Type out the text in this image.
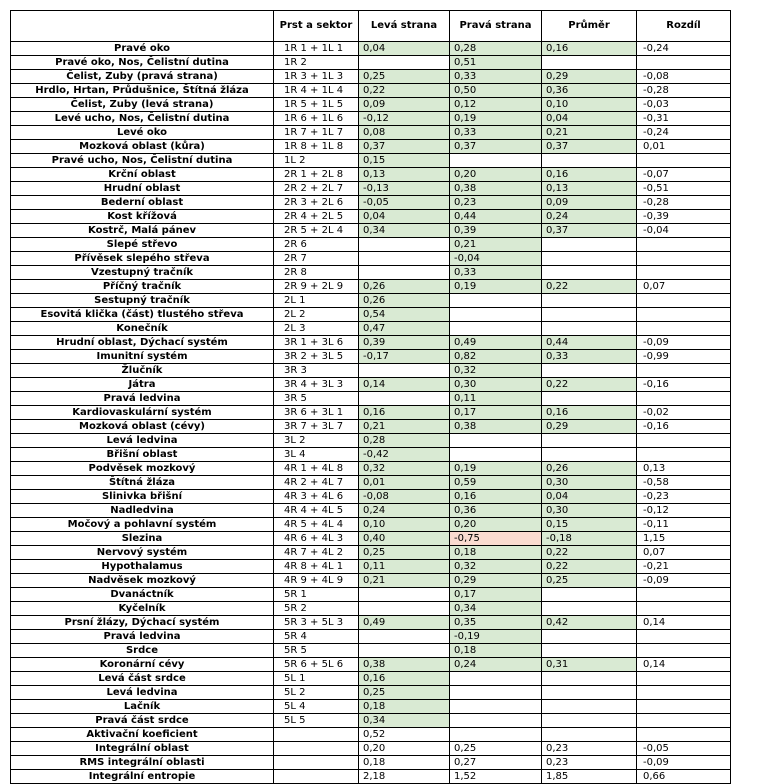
	Prst a sektor	Levá strana	Pravá strana	Průměr	Rozdíl
Pravé oko	1R 1 + 1L 1	0,04	0,28	0,16	-0,24
Pravé oko, Nos, Čelistní dutina	1R 2		0,51		
Čelist, Zuby (pravá strana)	1R 3 + 1L 3	0,25	0,33	0,29	-0,08
Hrdlo, Hrtan, Průdušnice, Štítná žláza	1R 4 + 1L 4	0,22	0,50	0,36	-0,28
Čelist, Zuby (levá strana)	1R 5 + 1L 5	0,09	0,12	0,10	-0,03
Levé ucho, Nos, Čelistní dutina	1R 6 + 1L 6	-0,12	0,19	0,04	-0,31
Levé oko	1R 7 + 1L 7	0,08	0,33	0,21	-0,24
Mozková oblast (kůra)	1R 8 + 1L 8	0,37	0,37	0,37	0,01
Pravé ucho, Nos, Čelistní dutina	1L 2	0,15			
Krční oblast	2R 1 + 2L 8	0,13	0,20	0,16	-0,07
Hrudní oblast	2R 2 + 2L 7	-0,13	0,38	0,13	-0,51
Bederní oblast	2R 3 + 2L 6	-0,05	0,23	0,09	-0,28
Kost křížová	2R 4 + 2L 5	0,04	0,44	0,24	-0,39
Kostrč, Malá pánev	2R 5 + 2L 4	0,34	0,39	0,37	-0,04
Slepé střevo	2R 6		0,21		
Přívěsek slepého střeva	2R 7		-0,04		
Vzestupný tračník	2R 8		0,33		
Příčný tračník	2R 9 + 2L 9	0,26	0,19	0,22	0,07
Sestupný tračník	2L 1	0,26			
Esovitá klička (část) tlustého střeva	2L 2	0,54			
Konečník	2L 3	0,47			
Hrudní oblast, Dýchací systém	3R 1 + 3L 6	0,39	0,49	0,44	-0,09
Imunitní systém	3R 2 + 3L 5	-0,17	0,82	0,33	-0,99
Žlučník	3R 3		0,32		
Játra	3R 4 + 3L 3	0,14	0,30	0,22	-0,16
Pravá ledvina	3R 5		0,11		
Kardiovaskulární systém	3R 6 + 3L 1	0,16	0,17	0,16	-0,02
Mozková oblast (cévy)	3R 7 + 3L 7	0,21	0,38	0,29	-0,16
Levá ledvina	3L 2	0,28			
Břišní oblast	3L 4	-0,42			
Podvěsek mozkový	4R 1 + 4L 8	0,32	0,19	0,26	0,13
Štítná žláza	4R 2 + 4L 7	0,01	0,59	0,30	-0,58
Slinivka břišní	4R 3 + 4L 6	-0,08	0,16	0,04	-0,23
Nadledvina	4R 4 + 4L 5	0,24	0,36	0,30	-0,12
Močový a pohlavní systém	4R 5 + 4L 4	0,10	0,20	0,15	-0,11
Slezina	4R 6 + 4L 3	0,40	-0,75	-0,18	1,15
Nervový systém	4R 7 + 4L 2	0,25	0,18	0,22	0,07
Hypothalamus	4R 8 + 4L 1	0,11	0,32	0,22	-0,21
Nadvěsek mozkový	4R 9 + 4L 9	0,21	0,29	0,25	-0,09
Dvanáctník	5R 1		0,17		
Kyčelník	5R 2		0,34		
Prsní žlázy, Dýchací systém	5R 3 + 5L 3	0,49	0,35	0,42	0,14
Pravá ledvina	5R 4		-0,19		
Srdce	5R 5		0,18		
Koronární cévy	5R 6 + 5L 6	0,38	0,24	0,31	0,14
Levá část srdce	5L 1	0,16			
Levá ledvina	5L 2	0,25			
Lačník	5L 4	0,18			
Pravá část srdce	5L 5	0,34			
Aktivační koeficient		0,52			
Integrální oblast		0,20	0,25	0,23	-0,05
RMS integrální oblasti		0,18	0,27	0,23	-0,09
Integrální entropie		2,18	1,52	1,85	0,66
